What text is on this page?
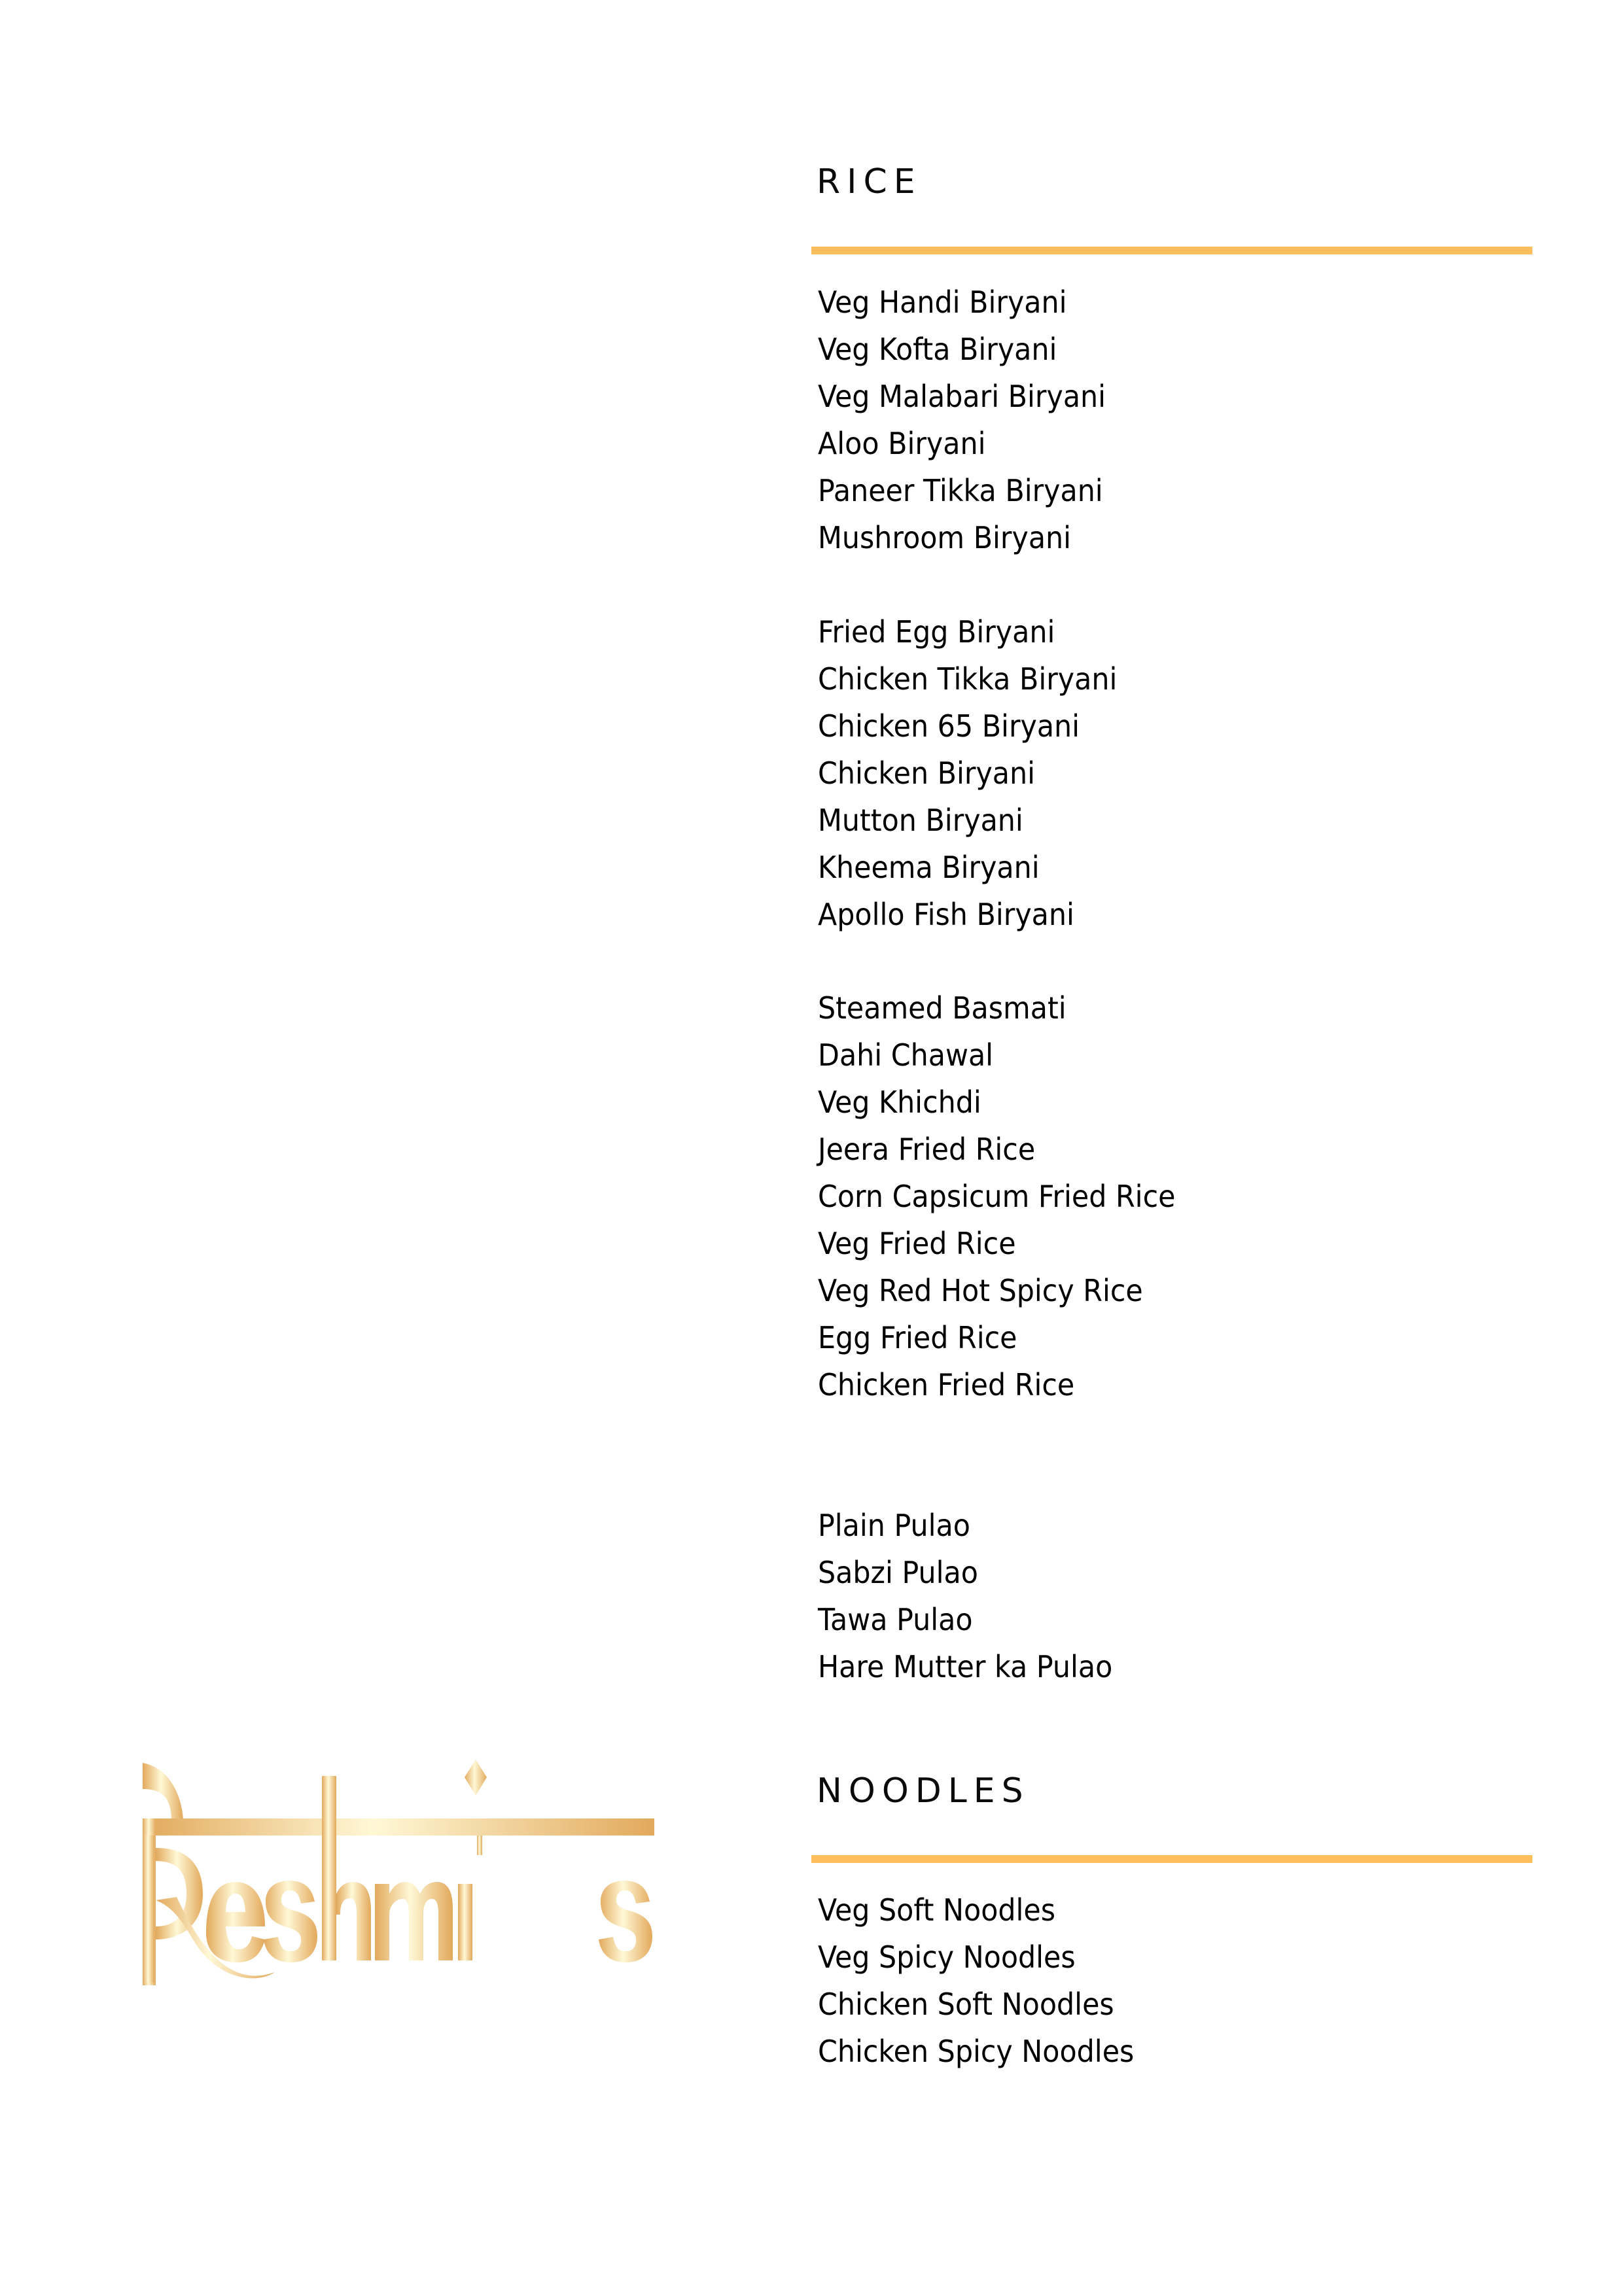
RICE
Veg Handi Biryani
Veg Kofta Biryani
Veg Malabari Biryani
Aloo Biryani
Paneer Tikka Biryani
Mushroom Biryani
Fried Egg Biryani
Chicken Tikka Biryani
Chicken 65 Biryani
Chicken Biryani
Mutton Biryani
Kheema Biryani
Apollo Fish Biryani
Steamed Basmati
Dahi Chawal
Veg Khichdi
Jeera Fried Rice
Corn Capsicum Fried Rice
Veg Fried Rice
Veg Red Hot Spicy Rice
Egg Fried Rice
Chicken Fried Rice
Plain Pulao
Sabzi Pulao
Tawa Pulao
Hare Mutter ka Pulao
NOODLES
Veg Soft Noodles
Veg Spicy Noodles
Chicken Soft Noodles
Chicken Spicy Noodles
